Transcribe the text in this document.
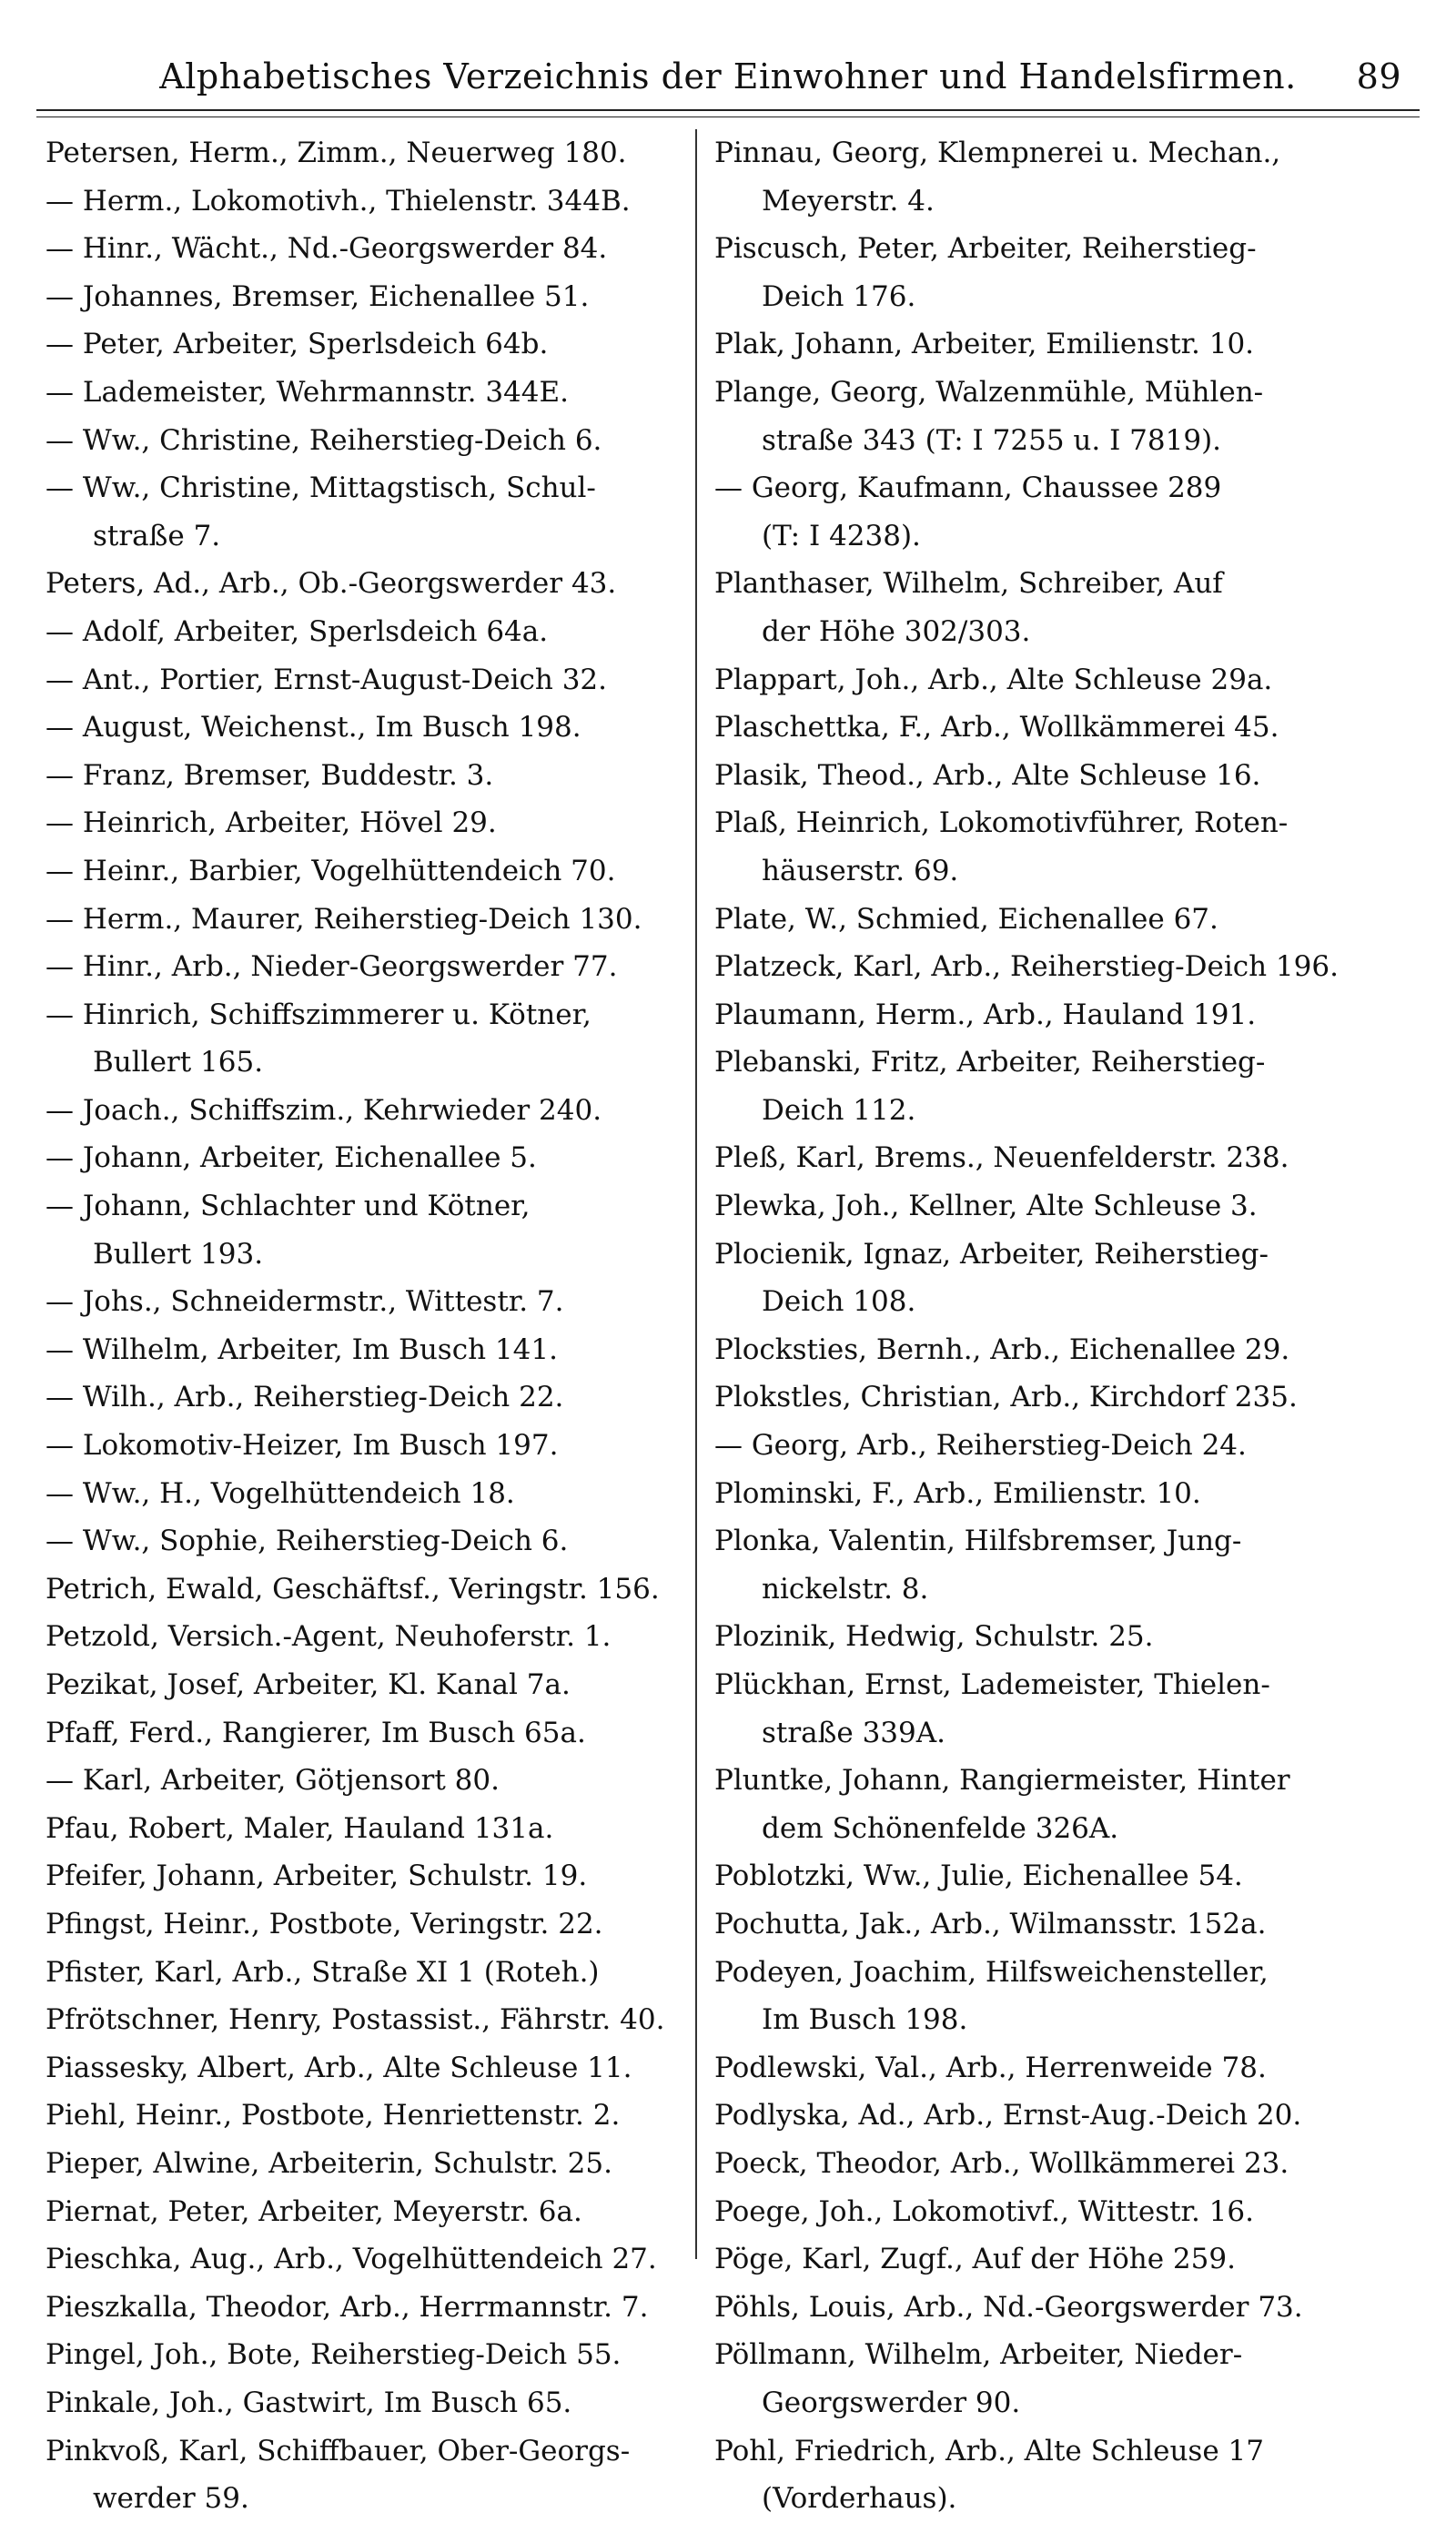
Alphabetisches Verzeichnis der Einwohner und Handelsfirmen. 89
Petersen, Herm., Zimm., Neuerweg 180.
— Herm., Lokomotivh., Thielenstr. 344B.
— Hinr., Wächt., Nd.-Georgswerder 84.
— Johannes, Bremser, Eichenallee 51.
— Peter, Arbeiter, Sperlsdeich 64b.
— Lademeister, Wehrmannstr. 344E.
— Ww., Christine, Reiherstieg-Deich 6.
— Ww., Christine, Mittagstisch, Schul-
straße 7.
Peters, Ad., Arb., Ob.-Georgswerder 43.
— Adolf, Arbeiter, Sperlsdeich 64a.
— Ant., Portier, Ernst-August-Deich 32.
— August, Weichenst., Im Busch 198.
— Franz, Bremser, Buddestr. 3.
— Heinrich, Arbeiter, Hövel 29.
— Heinr., Barbier, Vogelhüttendeich 70.
— Herm., Maurer, Reiherstieg-Deich 130.
— Hinr., Arb., Nieder-Georgswerder 77.
— Hinrich, Schiffszimmerer u. Kötner,
Bullert 165.
— Joach., Schiffszim., Kehrwieder 240.
— Johann, Arbeiter, Eichenallee 5.
— Johann, Schlachter und Kötner,
Bullert 193.
— Johs., Schneidermstr., Wittestr. 7.
— Wilhelm, Arbeiter, Im Busch 141.
— Wilh., Arb., Reiherstieg-Deich 22.
— Lokomotiv-Heizer, Im Busch 197.
— Ww., H., Vogelhüttendeich 18.
— Ww., Sophie, Reiherstieg-Deich 6.
Petrich, Ewald, Geschäftsf., Veringstr. 156.
Petzold, Versich.-Agent, Neuhoferstr. 1.
Pezikat, Josef, Arbeiter, Kl. Kanal 7a.
Pfaff, Ferd., Rangierer, Im Busch 65a.
— Karl, Arbeiter, Götjensort 80.
Pfau, Robert, Maler, Hauland 131a.
Pfeifer, Johann, Arbeiter, Schulstr. 19.
Pfingst, Heinr., Postbote, Veringstr. 22.
Pfister, Karl, Arb., Straße XI 1 (Roteh.)
Pfrötschner, Henry, Postassist., Fährstr. 40.
Piassesky, Albert, Arb., Alte Schleuse 11.
Piehl, Heinr., Postbote, Henriettenstr. 2.
Pieper, Alwine, Arbeiterin, Schulstr. 25.
Piernat, Peter, Arbeiter, Meyerstr. 6a.
Pieschka, Aug., Arb., Vogelhüttendeich 27.
Pieszkalla, Theodor, Arb., Herrmannstr. 7.
Pingel, Joh., Bote, Reiherstieg-Deich 55.
Pinkale, Joh., Gastwirt, Im Busch 65.
Pinkvoß, Karl, Schiffbauer, Ober-Georgs-
werder 59.
Pinnau, Georg, Klempnerei u. Mechan.,
Meyerstr. 4.
Piscusch, Peter, Arbeiter, Reiherstieg-
Deich 176.
Plak, Johann, Arbeiter, Emilienstr. 10.
Plange, Georg, Walzenmühle, Mühlen-
straße 343 (T: I 7255 u. I 7819).
— Georg, Kaufmann, Chaussee 289
(T: I 4238).
Planthaser, Wilhelm, Schreiber, Auf
der Höhe 302/303.
Plappart, Joh., Arb., Alte Schleuse 29a.
Plaschettka, F., Arb., Wollkämmerei 45.
Plasik, Theod., Arb., Alte Schleuse 16.
Plaß, Heinrich, Lokomotivführer, Roten-
häuserstr. 69.
Plate, W., Schmied, Eichenallee 67.
Platzeck, Karl, Arb., Reiherstieg-Deich 196.
Plaumann, Herm., Arb., Hauland 191.
Plebanski, Fritz, Arbeiter, Reiherstieg-
Deich 112.
Pleß, Karl, Brems., Neuenfelderstr. 238.
Plewka, Joh., Kellner, Alte Schleuse 3.
Plocienik, Ignaz, Arbeiter, Reiherstieg-
Deich 108.
Plocksties, Bernh., Arb., Eichenallee 29.
Plokstles, Christian, Arb., Kirchdorf 235.
— Georg, Arb., Reiherstieg-Deich 24.
Plominski, F., Arb., Emilienstr. 10.
Plonka, Valentin, Hilfsbremser, Jung-
nickelstr. 8.
Plozinik, Hedwig, Schulstr. 25.
Plückhan, Ernst, Lademeister, Thielen-
straße 339A.
Pluntke, Johann, Rangiermeister, Hinter
dem Schönenfelde 326A.
Poblotzki, Ww., Julie, Eichenallee 54.
Pochutta, Jak., Arb., Wilmansstr. 152a.
Podeyen, Joachim, Hilfsweichensteller,
Im Busch 198.
Podlewski, Val., Arb., Herrenweide 78.
Podlyska, Ad., Arb., Ernst-Aug.-Deich 20.
Poeck, Theodor, Arb., Wollkämmerei 23.
Poege, Joh., Lokomotivf., Wittestr. 16.
Pöge, Karl, Zugf., Auf der Höhe 259.
Pöhls, Louis, Arb., Nd.-Georgswerder 73.
Pöllmann, Wilhelm, Arbeiter, Nieder-
Georgswerder 90.
Pohl, Friedrich, Arb., Alte Schleuse 17
(Vorderhaus).
